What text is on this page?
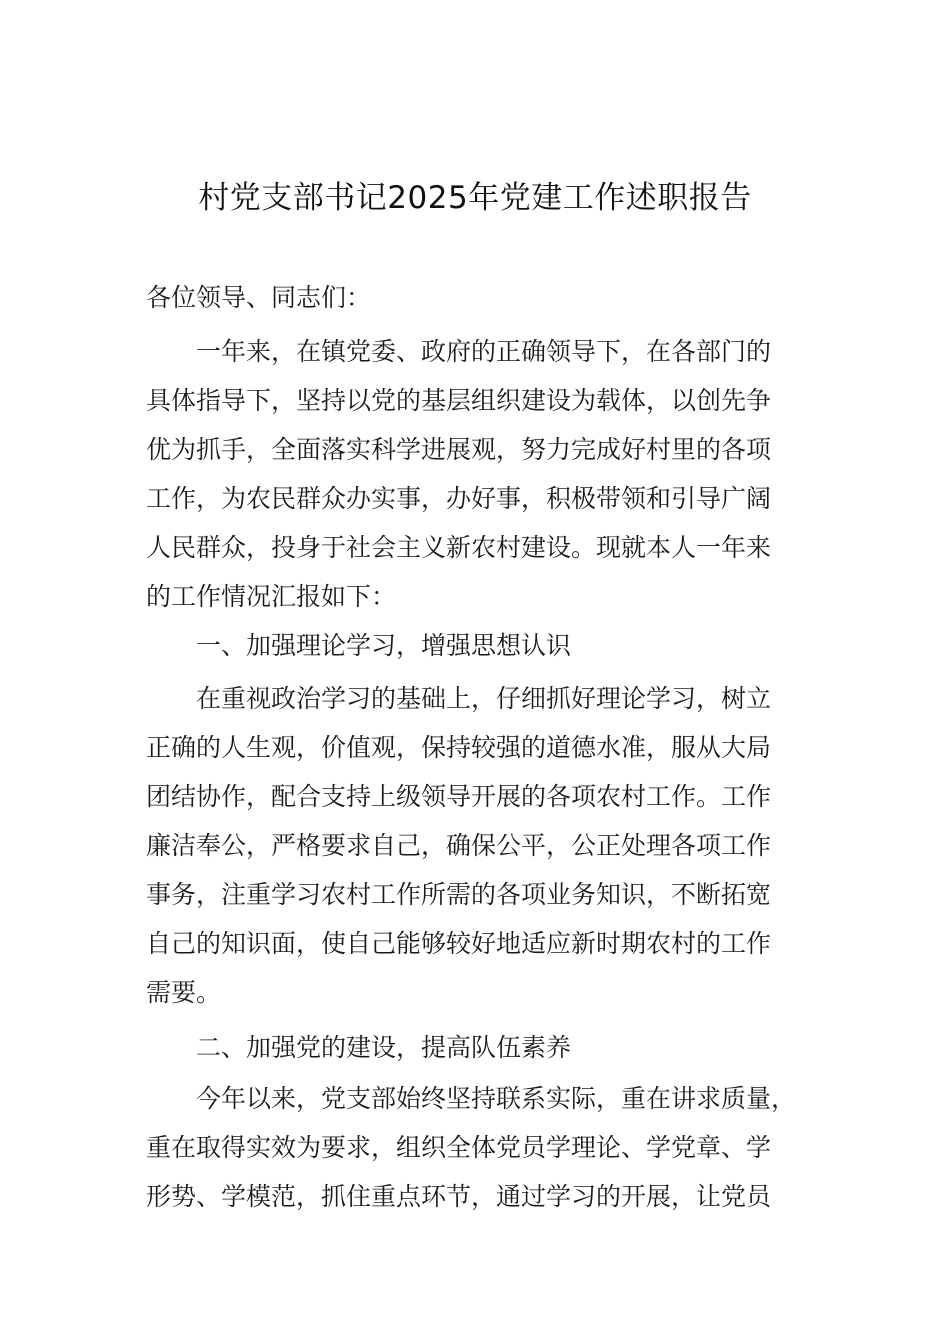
村党支部书记2025年党建工作述职报告
各位领导、同志们：
一年来，在镇党委、政府的正确领导下，在各部门的
具体指导下，坚持以党的基层组织建设为载体，以创先争
优为抓手，全面落实科学进展观，努力完成好村里的各项
工作，为农民群众办实事，办好事，积极带领和引导广阔
人民群众，投身于社会主义新农村建设。现就本人一年来
的工作情况汇报如下：
一、加强理论学习，增强思想认识
在重视政治学习的基础上，仔细抓好理论学习，树立
正确的人生观，价值观，保持较强的道德水准，服从大局
团结协作，配合支持上级领导开展的各项农村工作。工作
廉洁奉公，严格要求自己，确保公平，公正处理各项工作
事务，注重学习农村工作所需的各项业务知识，不断拓宽
自己的知识面，使自己能够较好地适应新时期农村的工作
需要。
二、加强党的建设，提高队伍素养
今年以来，党支部始终坚持联系实际，重在讲求质量，
重在取得实效为要求，组织全体党员学理论、学党章、学
形势、学模范，抓住重点环节，通过学习的开展，让党员
